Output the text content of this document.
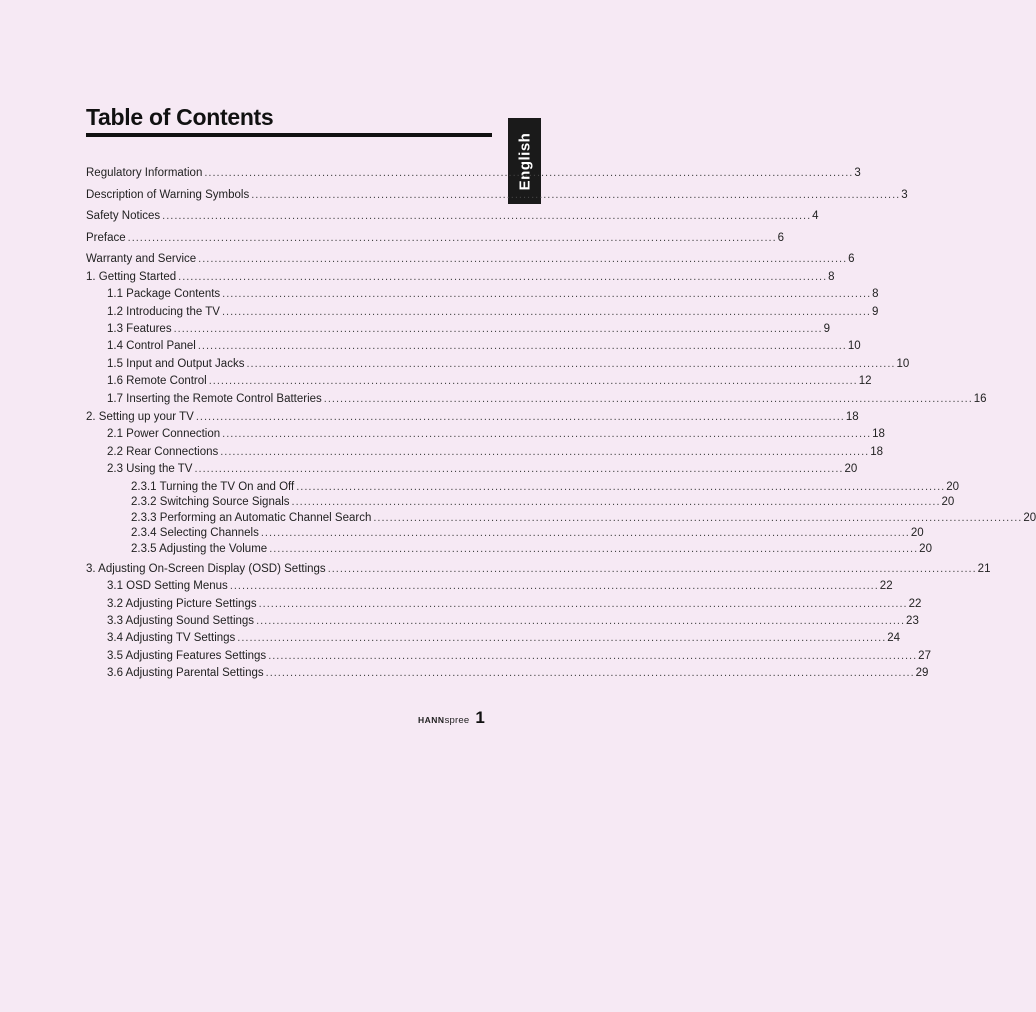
Table of Contents
English
Regulatory Information ................................................................................................................................................................ 3
Description of Warning Symbols ................................................................................................................................................................ 3
Safety Notices ................................................................................................................................................................ 4
Preface ................................................................................................................................................................ 6
Warranty and Service ................................................................................................................................................................ 6
1. Getting Started ................................................................................................................................................................ 8
1.1 Package Contents ................................................................................................................................................................ 8
1.2 Introducing the TV ................................................................................................................................................................ 9
1.3 Features ................................................................................................................................................................ 9
1.4 Control Panel ................................................................................................................................................................ 10
1.5 Input and Output Jacks ................................................................................................................................................................ 10
1.6 Remote Control ................................................................................................................................................................ 12
1.7 Inserting the Remote Control Batteries ................................................................................................................................................................ 16
2. Setting up your TV ................................................................................................................................................................ 18
2.1 Power Connection ................................................................................................................................................................ 18
2.2 Rear Connections ................................................................................................................................................................ 18
2.3 Using the TV ................................................................................................................................................................ 20
2.3.1 Turning the TV On and Off ................................................................................................................................................................ 20
2.3.2 Switching Source Signals ................................................................................................................................................................ 20
2.3.3 Performing an Automatic Channel Search ................................................................................................................................................................ 20
2.3.4 Selecting Channels ................................................................................................................................................................ 20
2.3.5 Adjusting the Volume ................................................................................................................................................................ 20
3. Adjusting On-Screen Display (OSD) Settings ................................................................................................................................................................ 21
3.1 OSD Setting Menus ................................................................................................................................................................ 22
3.2 Adjusting Picture Settings ................................................................................................................................................................ 22
3.3 Adjusting Sound Settings ................................................................................................................................................................ 23
3.4 Adjusting TV Settings ................................................................................................................................................................ 24
3.5 Adjusting Features Settings ................................................................................................................................................................ 27
3.6 Adjusting Parental Settings ................................................................................................................................................................ 29
HANNspree 1
